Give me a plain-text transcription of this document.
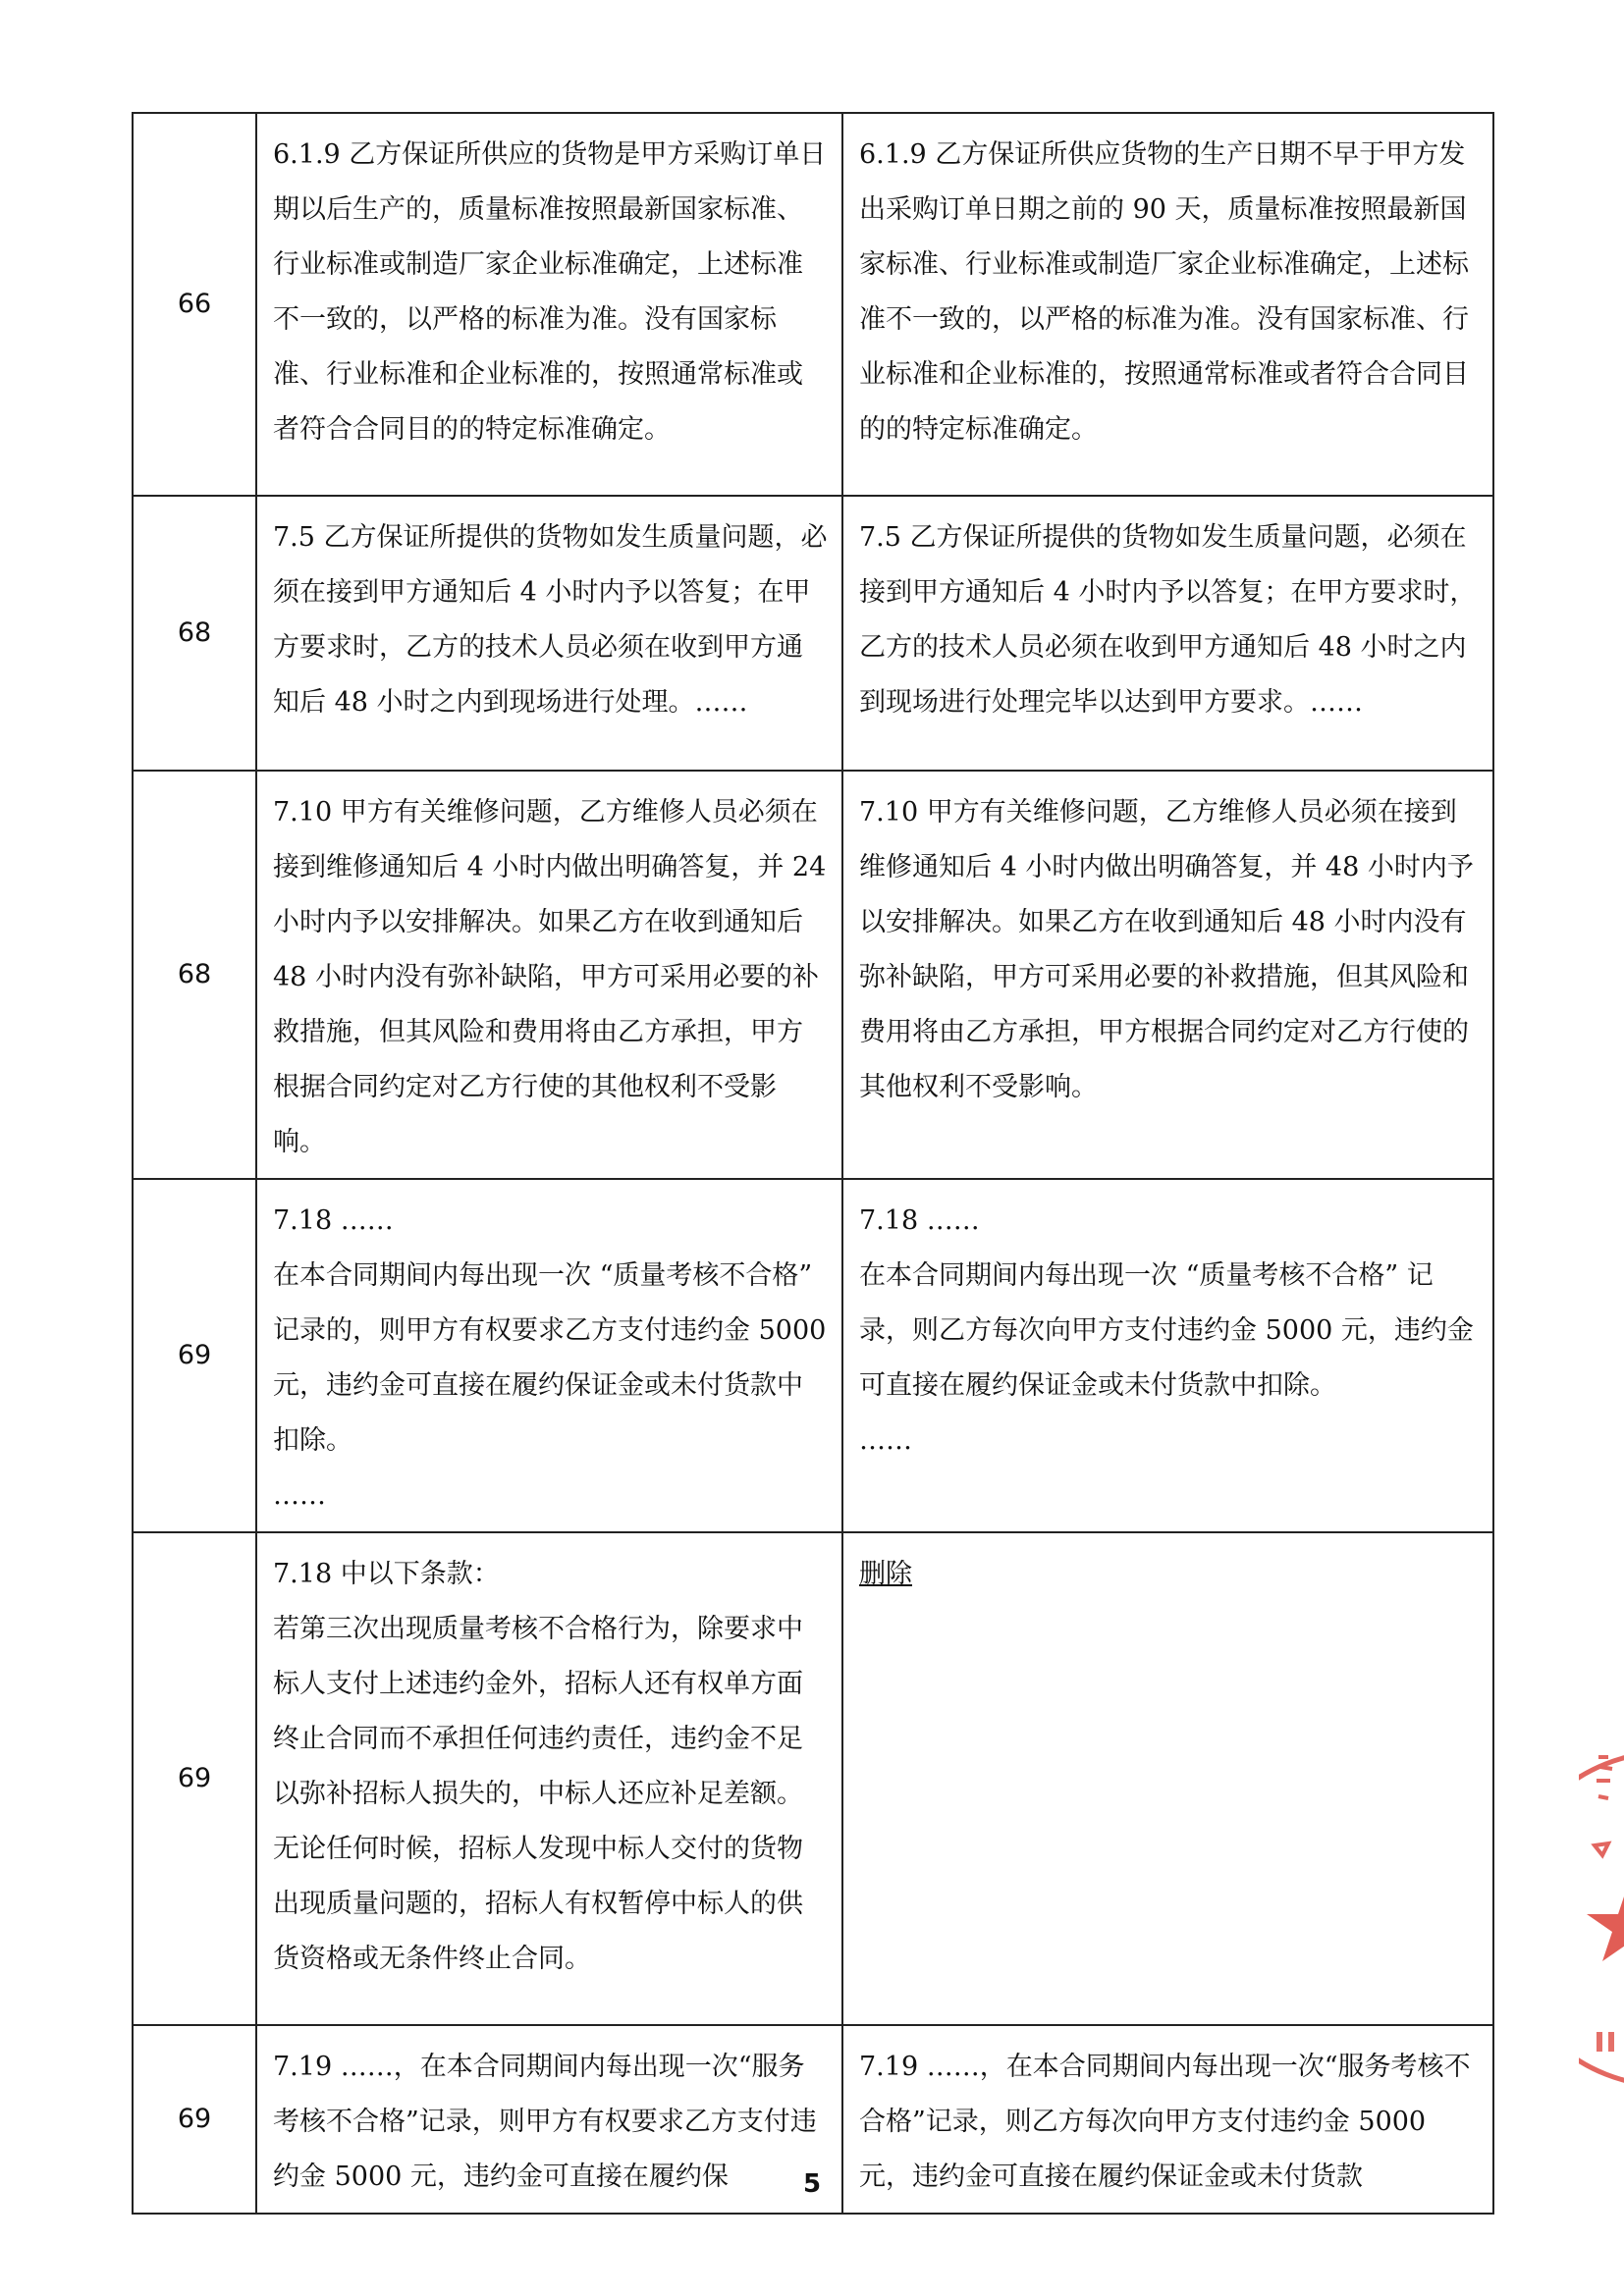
66	6.1.9 乙方保证所供应的货物是甲方采购订单日期以后生产的，质量标准按照最新国家标准、行业标准或制造厂家企业标准确定，上述标准不一致的，以严格的标准为准。没有国家标准、行业标准和企业标准的，按照通常标准或者符合合同目的的特定标准确定。	6.1.9 乙方保证所供应货物的生产日期不早于甲方发出采购订单日期之前的 90 天，质量标准按照最新国家标准、行业标准或制造厂家企业标准确定，上述标准不一致的，以严格的标准为准。没有国家标准、行业标准和企业标准的，按照通常标准或者符合合同目的的特定标准确定。

68	7.5 乙方保证所提供的货物如发生质量问题，必须在接到甲方通知后 4 小时内予以答复；在甲方要求时，乙方的技术人员必须在收到甲方通知后 48 小时之内到现场进行处理。……	7.5 乙方保证所提供的货物如发生质量问题，必须在接到甲方通知后 4 小时内予以答复；在甲方要求时，乙方的技术人员必须在收到甲方通知后 48 小时之内到现场进行处理完毕以达到甲方要求。……

68	7.10 甲方有关维修问题，乙方维修人员必须在接到维修通知后 4 小时内做出明确答复，并 24 小时内予以安排解决。如果乙方在收到通知后 48 小时内没有弥补缺陷，甲方可采用必要的补救措施，但其风险和费用将由乙方承担，甲方根据合同约定对乙方行使的其他权利不受影响。	7.10 甲方有关维修问题，乙方维修人员必须在接到维修通知后 4 小时内做出明确答复，并 48 小时内予以安排解决。如果乙方在收到通知后 48 小时内没有弥补缺陷，甲方可采用必要的补救措施，但其风险和费用将由乙方承担，甲方根据合同约定对乙方行使的其他权利不受影响。

69	7.18 ……
在本合同期间内每出现一次 “质量考核不合格” 记录的，则甲方有权要求乙方支付违约金 5000 元，违约金可直接在履约保证金或未付货款中扣除。
……	7.18 ……
在本合同期间内每出现一次 “质量考核不合格” 记录，则乙方每次向甲方支付违约金 5000 元，违约金可直接在履约保证金或未付货款中扣除。
……

69	7.18 中以下条款：
若第三次出现质量考核不合格行为，除要求中标人支付上述违约金外，招标人还有权单方面终止合同而不承担任何违约责任，违约金不足以弥补招标人损失的，中标人还应补足差额。
无论任何时候，招标人发现中标人交付的货物出现质量问题的，招标人有权暂停中标人的供货资格或无条件终止合同。	删除

69	7.19 ……，在本合同期间内每出现一次“服务考核不合格”记录，则甲方有权要求乙方支付违约金 5000 元，违约金可直接在履约保	7.19 ……，在本合同期间内每出现一次“服务考核不合格”记录，则乙方每次向甲方支付违约金 5000 元，违约金可直接在履约保证金或未付货款
5
